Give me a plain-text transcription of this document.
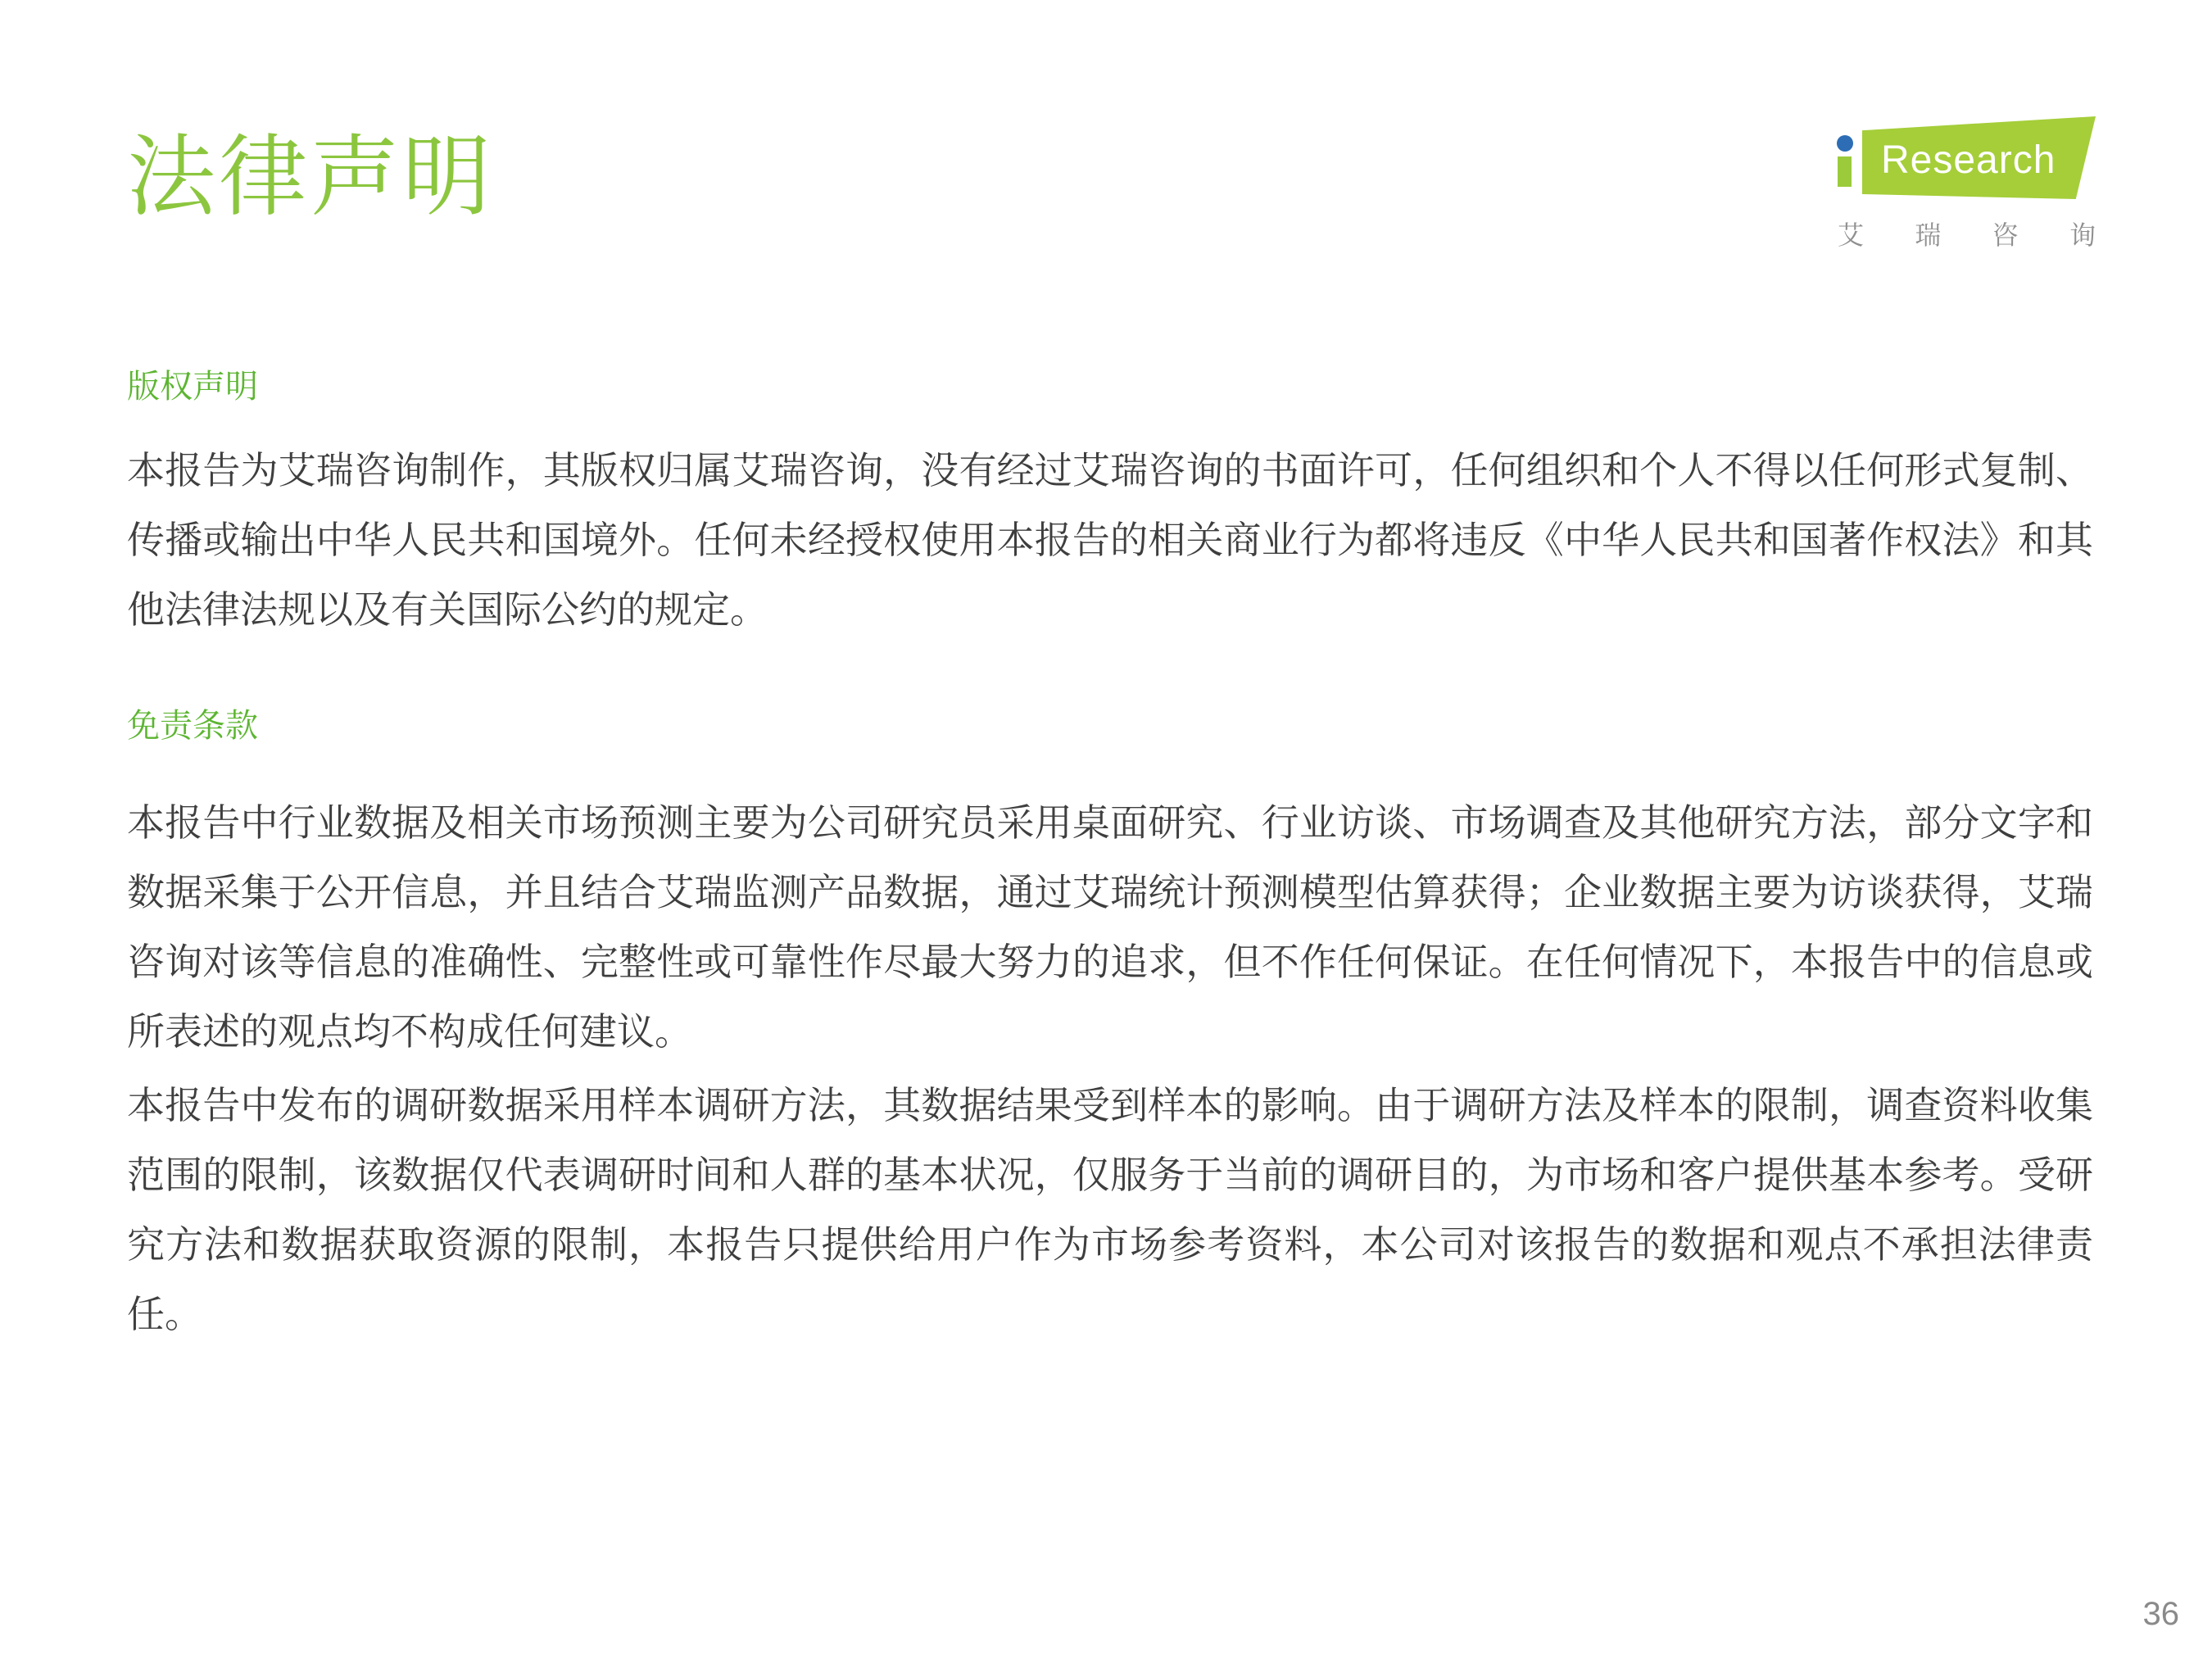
法律声明	Research
艾 瑞 咨 询
版权声明

本报告为艾瑞咨询制作，其版权归属艾瑞咨询，没有经过艾瑞咨询的书面许可，任何组织和个人不得以任何形式复制、传播或输出中华人民共和国境外。任何未经授权使用本报告的相关商业行为都将违反《中华人民共和国著作权法》和其他法律法规以及有关国际公约的规定。

免责条款

本报告中行业数据及相关市场预测主要为公司研究员采用桌面研究、行业访谈、市场调查及其他研究方法，部分文字和数据采集于公开信息，并且结合艾瑞监测产品数据，通过艾瑞统计预测模型估算获得；企业数据主要为访谈获得，艾瑞咨询对该等信息的准确性、完整性或可靠性作尽最大努力的追求，但不作任何保证。在任何情况下，本报告中的信息或所表述的观点均不构成任何建议。

本报告中发布的调研数据采用样本调研方法，其数据结果受到样本的影响。由于调研方法及样本的限制，调查资料收集范围的限制，该数据仅代表调研时间和人群的基本状况，仅服务于当前的调研目的，为市场和客户提供基本参考。受研究方法和数据获取资源的限制，本报告只提供给用户作为市场参考资料，本公司对该报告的数据和观点不承担法律责任。

36
